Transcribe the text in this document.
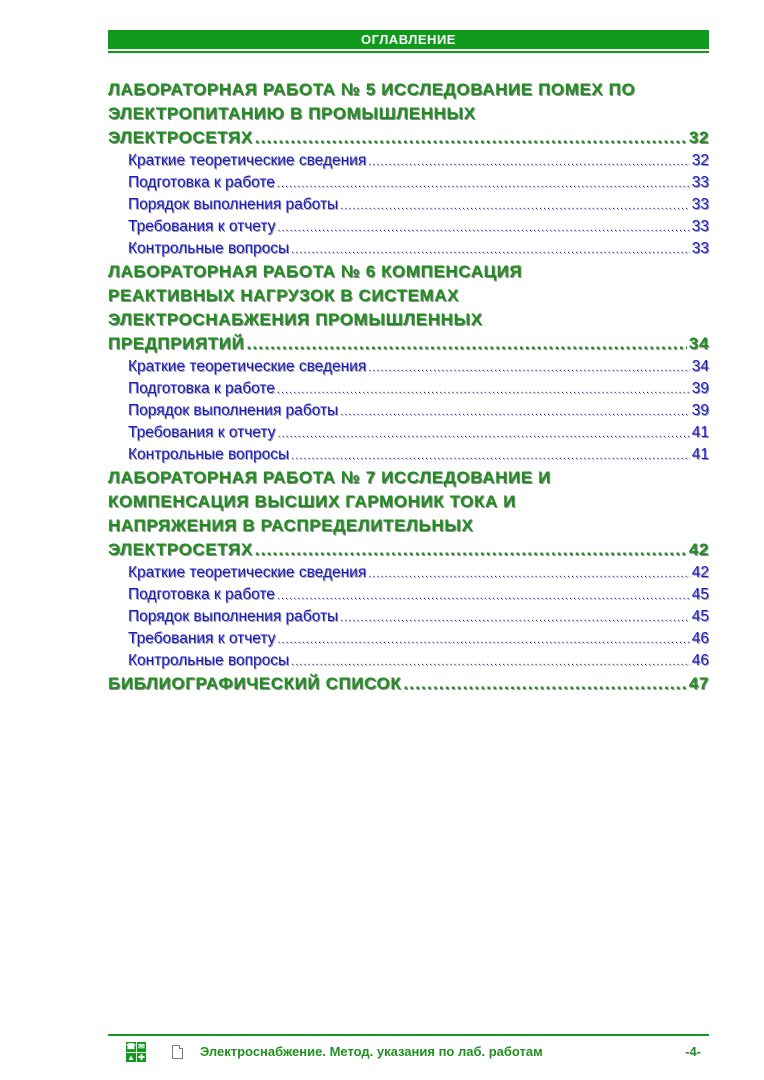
ОГЛАВЛЕНИЕ
ЛАБОРАТОРНАЯ РАБОТА № 5 ИССЛЕДОВАНИЕ ПОМЕХ ПО
ЭЛЕКТРОПИТАНИЮ В ПРОМЫШЛЕННЫХ
ЭЛЕКТРОСЕТЯХ .....	32
Краткие теоретические сведения .....	32
Подготовка к работе .....	33
Порядок выполнения работы .....	33
Требования к отчету .....	33
Контрольные вопросы .....	33
ЛАБОРАТОРНАЯ РАБОТА № 6 КОМПЕНСАЦИЯ
РЕАКТИВНЫХ НАГРУЗОК В СИСТЕМАХ
ЭЛЕКТРОСНАБЖЕНИЯ ПРОМЫШЛЕННЫХ
ПРЕДПРИЯТИЙ .....	34
Краткие теоретические сведения .....	34
Подготовка к работе .....	39
Порядок выполнения работы .....	39
Требования к отчету .....	41
Контрольные вопросы .....	41
ЛАБОРАТОРНАЯ РАБОТА № 7 ИССЛЕДОВАНИЕ И
КОМПЕНСАЦИЯ ВЫСШИХ ГАРМОНИК ТОКА И
НАПРЯЖЕНИЯ В РАСПРЕДЕЛИТЕЛЬНЫХ
ЭЛЕКТРОСЕТЯХ .....	42
Краткие теоретические сведения .....	42
Подготовка к работе .....	45
Порядок выполнения работы .....	45
Требования к отчету .....	46
Контрольные вопросы .....	46
БИБЛИОГРАФИЧЕСКИЙ СПИСОК .....	47
☎ ✉
▲ ✚	Электроснабжение. Метод. указания по лаб. работам	-4-
